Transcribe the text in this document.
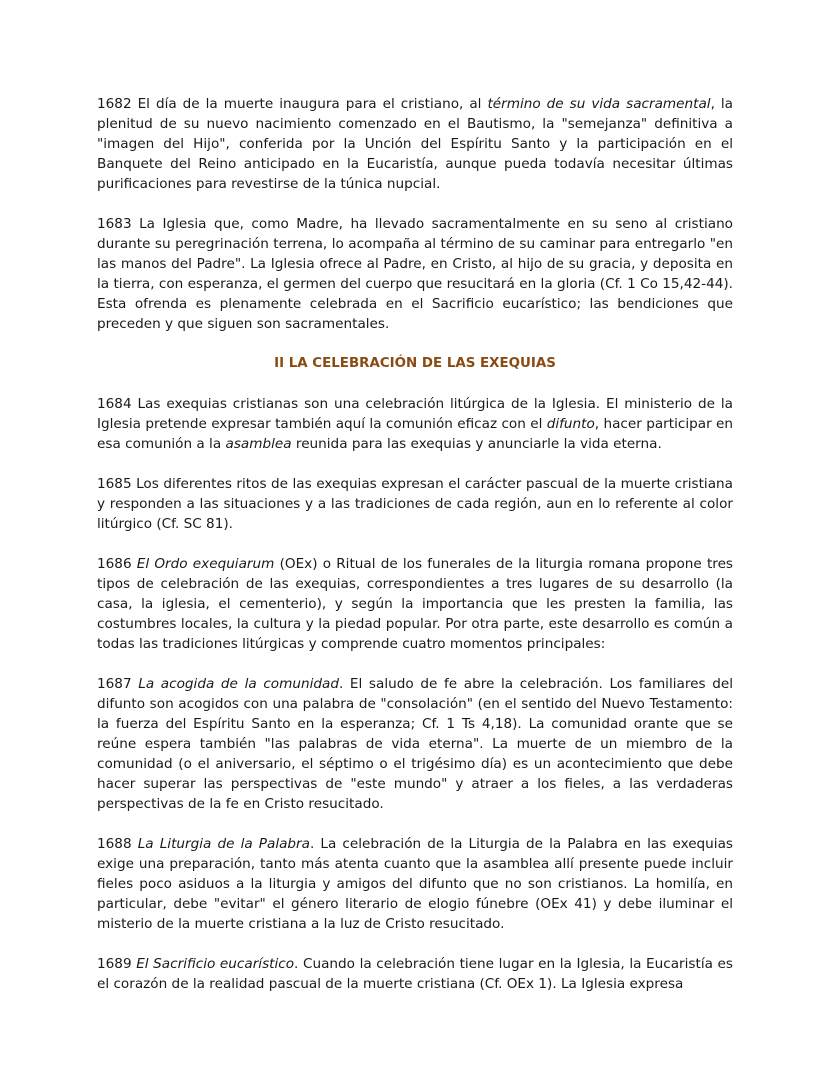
1682 El día de la muerte inaugura para el cristiano, al término de su vida sacramental, la plenitud de su nuevo nacimiento comenzado en el Bautismo, la "semejanza" definitiva a "imagen del Hijo", conferida por la Unción del Espíritu Santo y la participación en el Banquete del Reino anticipado en la Eucaristía, aunque pueda todavía necesitar últimas purificaciones para revestirse de la túnica nupcial.

1683 La Iglesia que, como Madre, ha llevado sacramentalmente en su seno al cristiano durante su peregrinación terrena, lo acompaña al término de su caminar para entregarlo "en las manos del Padre". La Iglesia ofrece al Padre, en Cristo, al hijo de su gracia, y deposita en la tierra, con esperanza, el germen del cuerpo que resucitará en la gloria (Cf. 1 Co 15,42-44). Esta ofrenda es plenamente celebrada en el Sacrificio eucarístico; las bendiciones que preceden y que siguen son sacramentales.

II LA CELEBRACIÓN DE LAS EXEQUIAS

1684 Las exequias cristianas son una celebración litúrgica de la Iglesia. El ministerio de la Iglesia pretende expresar también aquí la comunión eficaz con el difunto, hacer participar en esa comunión a la asamblea reunida para las exequias y anunciarle la vida eterna.

1685 Los diferentes ritos de las exequias expresan el carácter pascual de la muerte cristiana y responden a las situaciones y a las tradiciones de cada región, aun en lo referente al color litúrgico (Cf. SC 81).

1686 El Ordo exequiarum (OEx) o Ritual de los funerales de la liturgia romana propone tres tipos de celebración de las exequias, correspondientes a tres lugares de su desarrollo (la casa, la iglesia, el cementerio), y según la importancia que les presten la familia, las costumbres locales, la cultura y la piedad popular. Por otra parte, este desarrollo es común a todas las tradiciones litúrgicas y comprende cuatro momentos principales:

1687 La acogida de la comunidad. El saludo de fe abre la celebración. Los familiares del difunto son acogidos con una palabra de "consolación" (en el sentido del Nuevo Testamento: la fuerza del Espíritu Santo en la esperanza; Cf. 1 Ts 4,18). La comunidad orante que se reúne espera también "las palabras de vida eterna". La muerte de un miembro de la comunidad (o el aniversario, el séptimo o el trigésimo día) es un acontecimiento que debe hacer superar las perspectivas de "este mundo" y atraer a los fieles, a las verdaderas perspectivas de la fe en Cristo resucitado.

1688 La Liturgia de la Palabra. La celebración de la Liturgia de la Palabra en las exequias exige una preparación, tanto más atenta cuanto que la asamblea allí presente puede incluir fieles poco asiduos a la liturgia y amigos del difunto que no son cristianos. La homilía, en particular, debe "evitar" el género literario de elogio fúnebre (OEx 41) y debe iluminar el misterio de la muerte cristiana a la luz de Cristo resucitado.

1689 El Sacrificio eucarístico. Cuando la celebración tiene lugar en la Iglesia, la Eucaristía es el corazón de la realidad pascual de la muerte cristiana (Cf. OEx 1). La Iglesia expresa
